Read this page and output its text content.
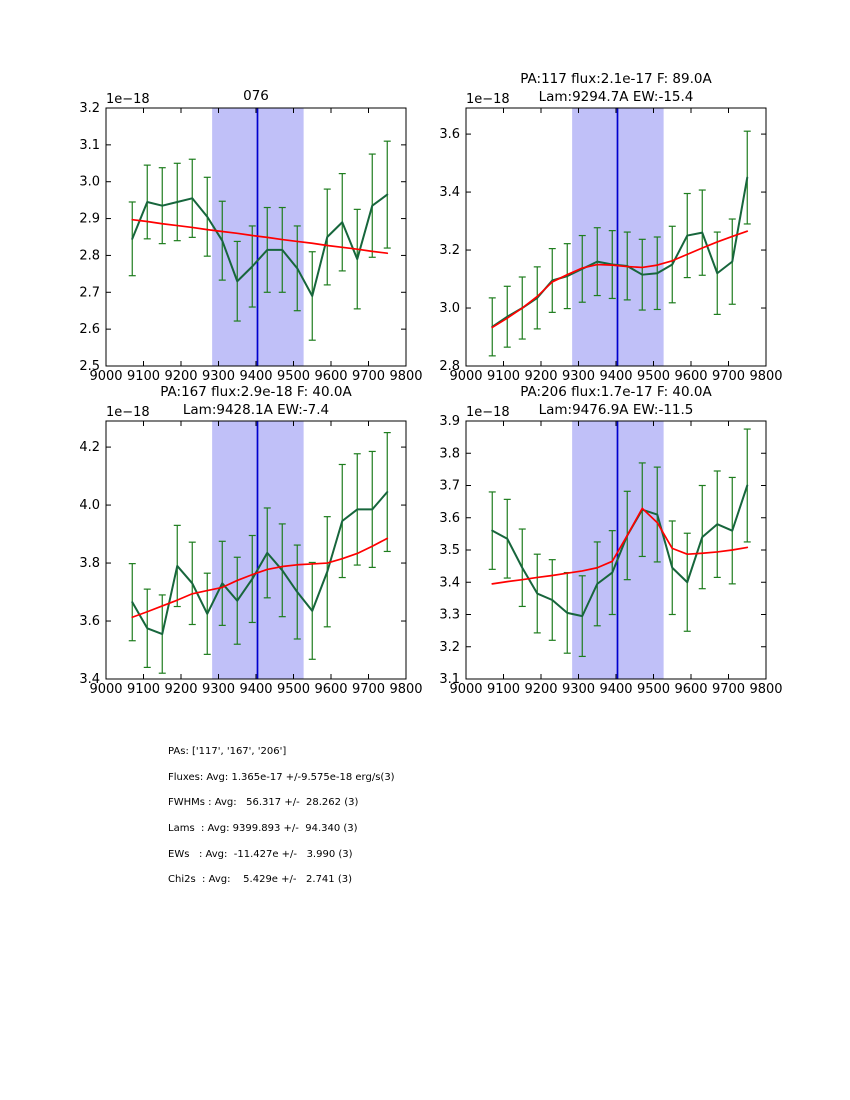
9000 9100 9200 9300 9400 9500 9600 9700 9800
2.5
2.6
2.7
2.8
2.9
3.0
3.1
3.2
1e−18	076
9000 9100 9200 9300 9400 9500 9600 9700 9800
2.8
3.0
3.2
3.4
3.6
1e−18
PA:117 flux:2.1e-17 F: 89.0A
Lam:9294.7A EW:-15.4
9000 9100 9200 9300 9400 9500 9600 9700 9800
3.4
3.6
3.8
4.0
4.2
1e−18
PA:167 flux:2.9e-18 F: 40.0A
Lam:9428.1A EW:-7.4
9000 9100 9200 9300 9400 9500 9600 9700 9800
3.1
3.2
3.3
3.4
3.5
3.6
3.7
3.8
3.9
1e−18
PA:206 flux:1.7e-17 F: 40.0A
Lam:9476.9A EW:-11.5
PAs: ['117', '167', '206']
Fluxes: Avg: 1.365e-17 +/-9.575e-18 erg/s(3)
FWHMs : Avg:   56.317 +/-  28.262 (3)
Lams  : Avg: 9399.893 +/-  94.340 (3)
EWs   : Avg:  -11.427e +/-   3.990 (3)
Chi2s  : Avg:    5.429e +/-   2.741 (3)
